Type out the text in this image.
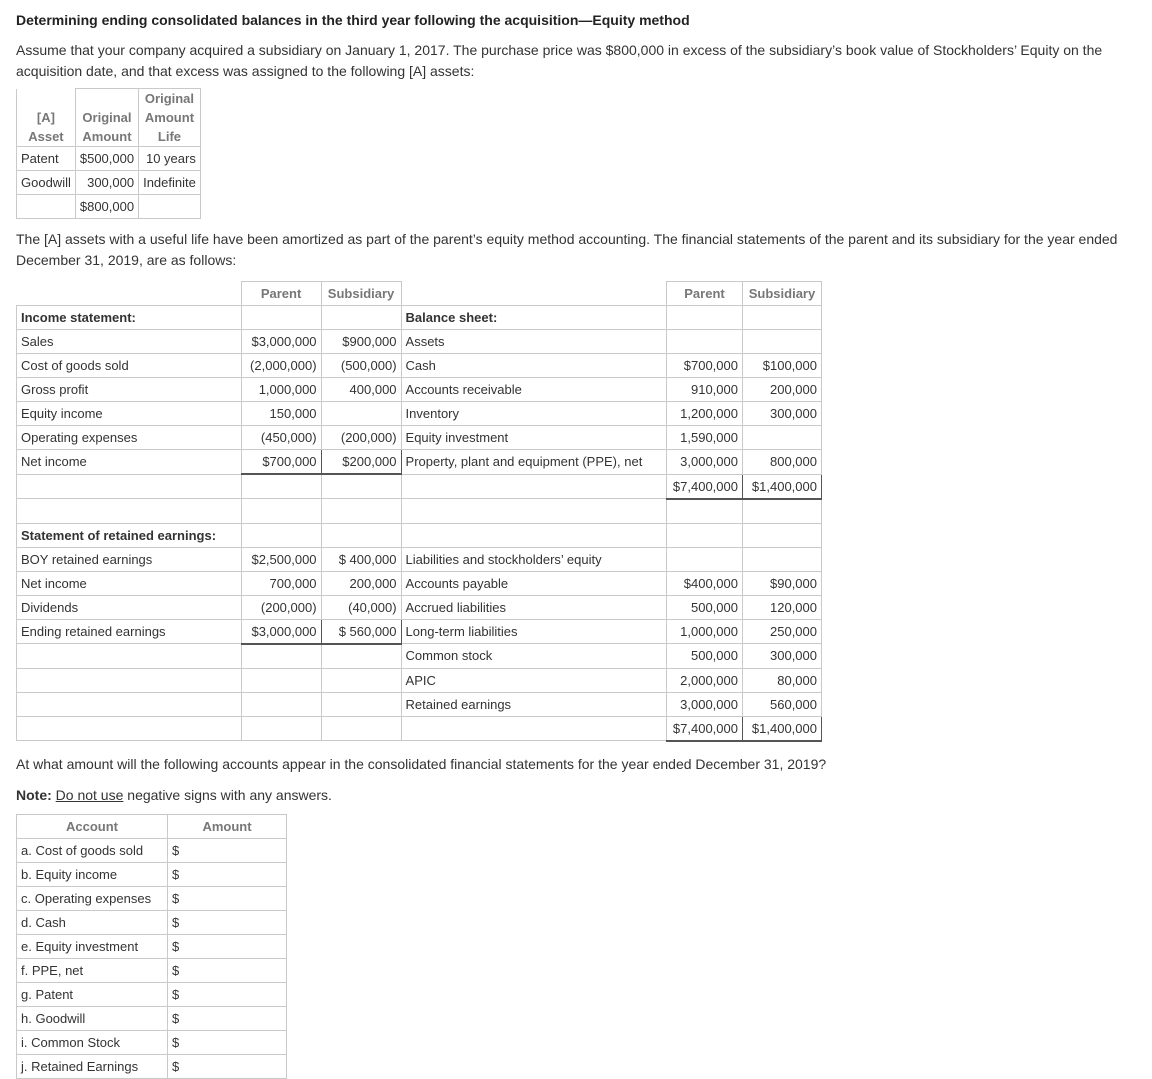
Determining ending consolidated balances in the third year following the acquisition—Equity method

Assume that your company acquired a subsidiary on January 1, 2017. The purchase price was $800,000 in excess of the subsidiary’s book value of Stockholders’ Equity on the acquisition date, and that excess was assigned to the following [A] assets:

		Original
[A]	Original	Amount
Asset	Amount	Life
Patent	$500,000	10 years
Goodwill	300,000	Indefinite
	$800,000	

The [A] assets with a useful life have been amortized as part of the parent’s equity method accounting. The financial statements of the parent and its subsidiary for the year ended December 31, 2019, are as follows:

	Parent	Subsidiary		Parent	Subsidiary
Income statement:			Balance sheet:		
Sales	$3,000,000	$900,000	Assets		
Cost of goods sold	(2,000,000)	(500,000)	Cash	$700,000	$100,000
Gross profit	1,000,000	400,000	Accounts receivable	910,000	200,000
Equity income	150,000		Inventory	1,200,000	300,000
Operating expenses	(450,000)	(200,000)	Equity investment	1,590,000	
Net income	$700,000	$200,000	Property, plant and equipment (PPE), net	3,000,000	800,000
				$7,400,000	$1,400,000

Statement of retained earnings:					
BOY retained earnings	$2,500,000	$ 400,000	Liabilities and stockholders’ equity		
Net income	700,000	200,000	Accounts payable	$400,000	$90,000
Dividends	(200,000)	(40,000)	Accrued liabilities	500,000	120,000
Ending retained earnings	$3,000,000	$ 560,000	Long-term liabilities	1,000,000	250,000
			Common stock	500,000	300,000
			APIC	2,000,000	80,000
			Retained earnings	3,000,000	560,000
				$7,400,000	$1,400,000

At what amount will the following accounts appear in the consolidated financial statements for the year ended December 31, 2019?

Note: Do not use negative signs with any answers.

Account	Amount
a. Cost of goods sold	$
b. Equity income	$
c. Operating expenses	$
d. Cash	$
e. Equity investment	$
f. PPE, net	$
g. Patent	$
h. Goodwill	$
i. Common Stock	$
j. Retained Earnings	$
